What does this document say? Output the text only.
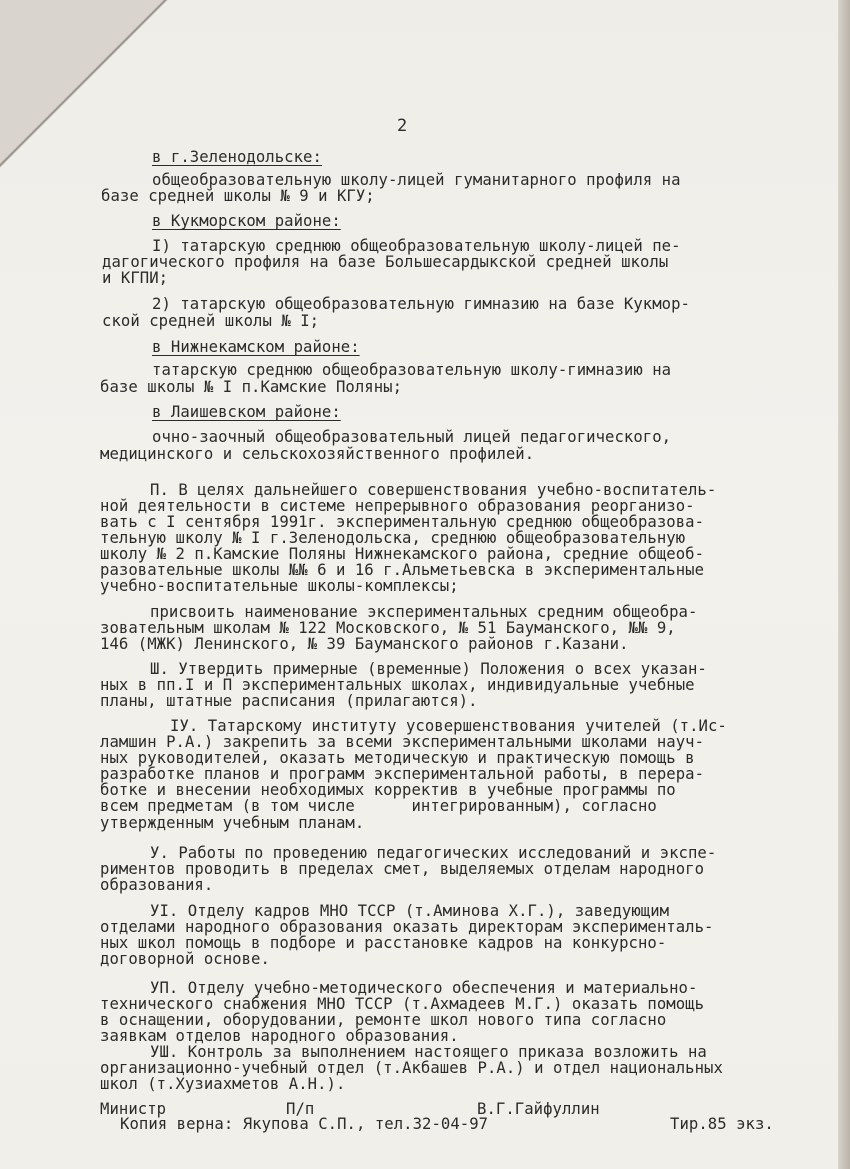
2
в г.Зеленодольске:
общеобразовательную школу-лицей гуманитарного профиля на
базе средней школы № 9 и КГУ;
в Кукморском районе:
I) татарскую среднюю общеобразовательную школу-лицей пе-
дагогического профиля на базе Большесардыкской средней школы
и КГПИ;
2) татарскую общеобразовательную гимназию на базе Кукмор-
ской средней школы № I;
в Нижнекамском районе:
татарскую среднюю общеобразовательную школу-гимназию на
базе школы № I п.Камские Поляны;
в Лаишевском районе:
очно-заочный общеобразовательный лицей педагогического,
медицинского и сельскохозяйственного профилей.
П. В целях дальнейшего совершенствования учебно-воспитатель-
ной деятельности в системе непрерывного образования реорганизо-
вать с I сентября 1991г. экспериментальную среднюю общеобразова-
тельную школу № I г.Зеленодольска, среднюю общеобразовательную
школу № 2 п.Камские Поляны Нижнекамского района, средние общеоб-
разовательные школы №№ 6 и 16 г.Альметьевска в экспериментальные
учебно-воспитательные школы-комплексы;
присвоить наименование экспериментальных средним общеобра-
зовательным школам № 122 Московского, № 51 Бауманского, №№ 9,
146 (МЖК) Ленинского, № 39 Бауманского районов г.Казани.
Ш. Утвердить примерные (временные) Положения о всех указан-
ных в пп.I и П экспериментальных школах, индивидуальные учебные
планы, штатные расписания (прилагаются).
IУ. Татарскому институту усовершенствования учителей (т.Ис-
ламшин Р.А.) закрепить за всеми экспериментальными школами науч-
ных руководителей, оказать методическую и практическую помощь в
разработке планов и программ экспериментальной работы, в перера-
ботке и внесении необходимых корректив в учебные программы по
всем предметам (в том числе      интегрированным), согласно
утвержденным учебным планам.
У. Работы по проведению педагогических исследований и экспе-
риментов проводить в пределах смет, выделяемых отделам народного
образования.
УI. Отделу кадров МНО ТССР (т.Аминова Х.Г.), заведующим
отделами народного образования оказать директорам эксперименталь-
ных школ помощь в подборе и расстановке кадров на конкурсно-
договорной основе.
УП. Отделу учебно-методического обеспечения и материально-
технического снабжения МНО ТССР (т.Ахмадеев М.Г.) оказать помощь
в оснащении, оборудовании, ремонте школ нового типа согласно
заявкам отделов народного образования.
УШ. Контроль за выполнением настоящего приказа возложить на
организационно-учебный отдел (т.Акбашев Р.А.) и отдел национальных
школ (т.Хузиахметов А.Н.).
Министр	П/п	В.Г.Гайфуллин
Копия верна: Якупова С.П., тел.32-04-97	Тир.85 экз.
